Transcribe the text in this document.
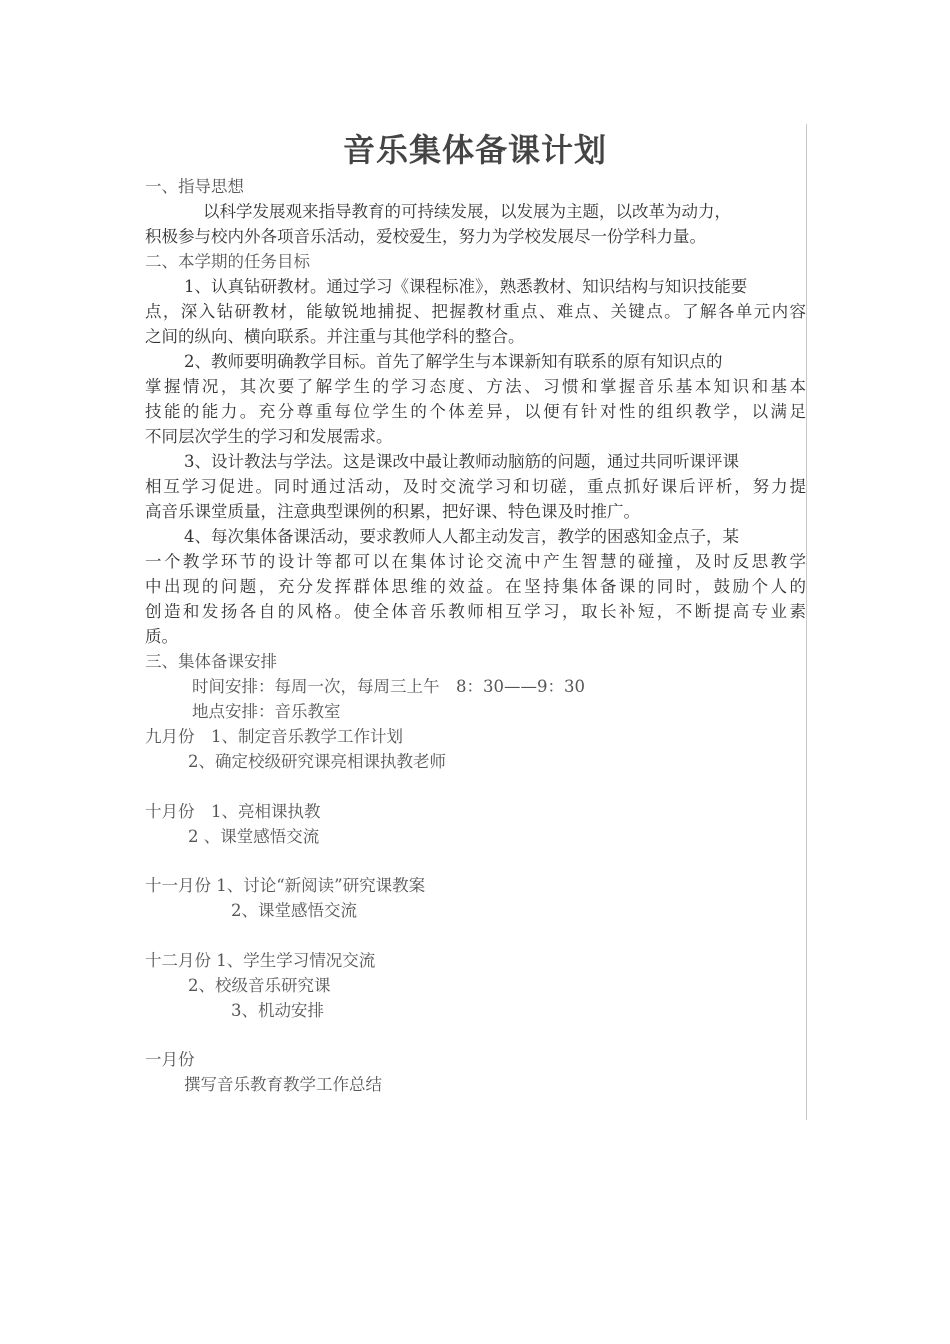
音乐集体备课计划
一、指导思想
以科学发展观来指导教育的可持续发展，以发展为主题，以改革为动力，
积极参与校内外各项音乐活动，爱校爱生，努力为学校发展尽一份学科力量。
二、本学期的任务目标
1、认真钻研教材。通过学习《课程标准》，熟悉教材、知识结构与知识技能要
点，深入钻研教材，能敏锐地捕捉、把握教材重点、难点、关键点。了解各单元内容
之间的纵向、横向联系。并注重与其他学科的整合。
2、教师要明确教学目标。首先了解学生与本课新知有联系的原有知识点的
掌握情况，其次要了解学生的学习态度、方法、习惯和掌握音乐基本知识和基本
技能的能力。充分尊重每位学生的个体差异，以便有针对性的组织教学，以满足
不同层次学生的学习和发展需求。
3、设计教法与学法。这是课改中最让教师动脑筋的问题，通过共同听课评课
相互学习促进。同时通过活动，及时交流学习和切磋，重点抓好课后评析，努力提
高音乐课堂质量，注意典型课例的积累，把好课、特色课及时推广。
4、每次集体备课活动，要求教师人人都主动发言，教学的困惑知金点子，某
一个教学环节的设计等都可以在集体讨论交流中产生智慧的碰撞，及时反思教学
中出现的问题，充分发挥群体思维的效益。在坚持集体备课的同时，鼓励个人的
创造和发扬各自的风格。使全体音乐教师相互学习，取长补短，不断提高专业素
质。
三、集体备课安排
时间安排：每周一次，每周三上午　8：30——9：30
地点安排：音乐教室
九月份　1、制定音乐教学工作计划
2、确定校级研究课亮相课执教老师
十月份　1、亮相课执教
2 、课堂感悟交流
十一月份 1、讨论“新阅读”研究课教案
2、课堂感悟交流
十二月份 1、学生学习情况交流
2、校级音乐研究课
3、机动安排
一月份
撰写音乐教育教学工作总结
